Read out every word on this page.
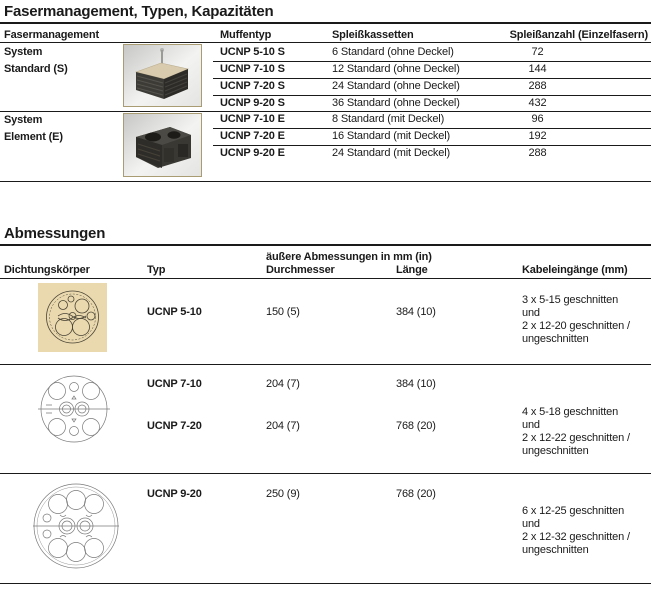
Fasermanagement, Typen, Kapazitäten
Fasermanagement	Muffentyp	Spleißkassetten	Spleißanzahl (Einzelfasern)
System
Standard (S)
UCNP 5-10 S	6 Standard (ohne Deckel)	72
UCNP 7-10 S	12 Standard (ohne Deckel)	144
UCNP 7-20 S	24 Standard (ohne Deckel)	288
UCNP 9-20 S	36 Standard (ohne Deckel)	432
System
Element (E)
UCNP 7-10 E	8 Standard (mit Deckel)	96
UCNP 7-20 E	16 Standard (mit Deckel)	192
UCNP 9-20 E	24 Standard (mit Deckel)	288
Abmessungen
äußere Abmessungen in mm (in)
Dichtungskörper	Typ	Durchmesser	Länge	Kabeleingänge (mm)
UCNP 5-10	150 (5)	384 (10)
3 x 5-15 geschnitten
und
2 x 12-20 geschnitten /
ungeschnitten
UCNP 7-10	204 (7)	384 (10)
UCNP 7-20	204 (7)	768 (20)
4 x 5-18 geschnitten
und
2 x 12-22 geschnitten /
ungeschnitten
UCNP 9-20	250 (9)	768 (20)
6 x 12-25 geschnitten
und
2 x 12-32 geschnitten /
ungeschnitten
